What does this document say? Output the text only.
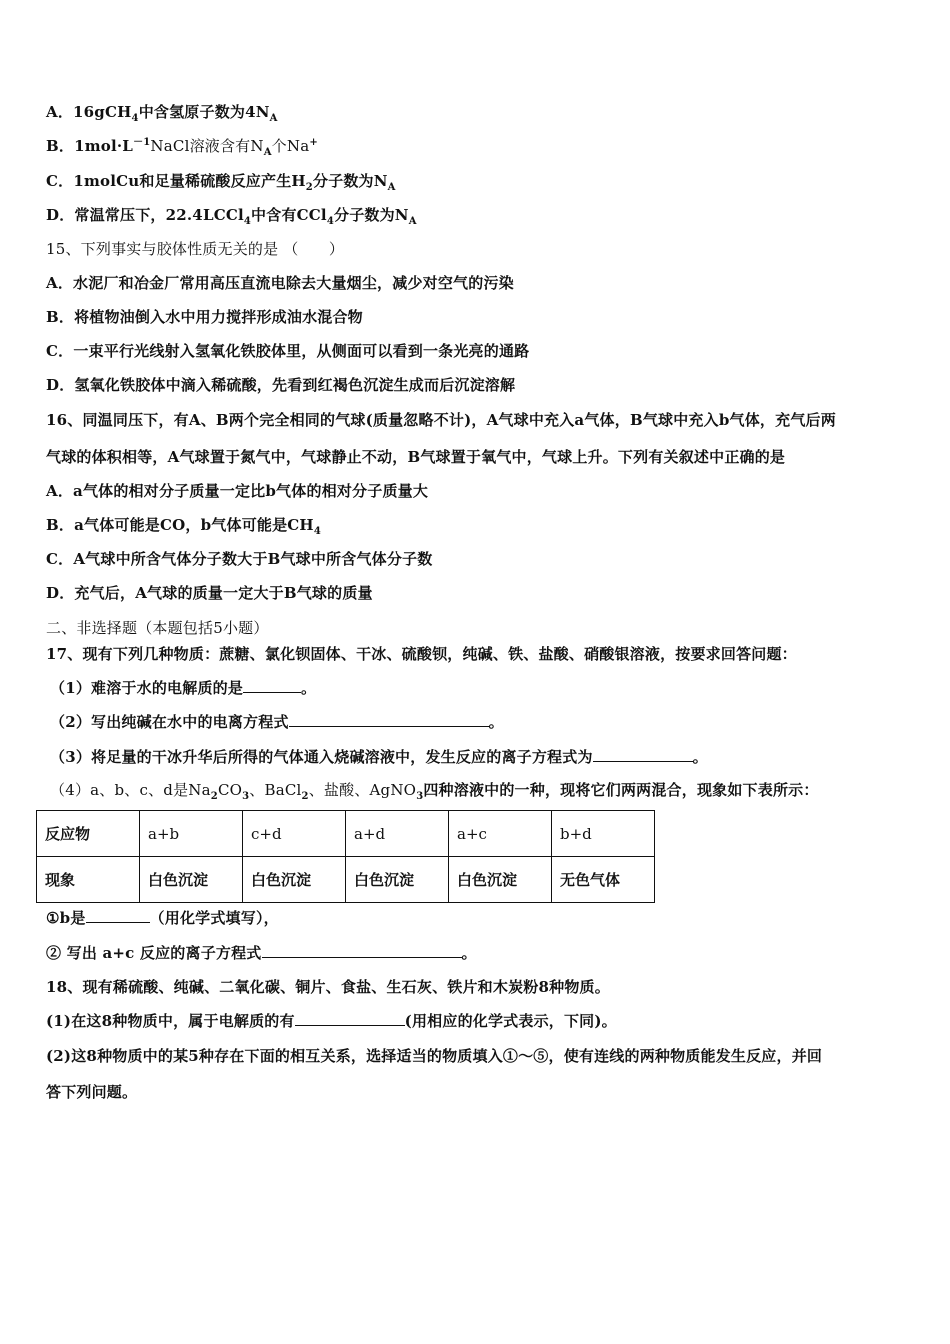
A．16gCH$_4$中含氢原子数为$4N_A$
B．$1mol\cdot L^{-1}NaCl$溶液含有$N_A$个Na+
C．1molCu和足量稀硫酸反应产生$H_2$分子数为$N_A$
D．常温常压下，22.4LCCl$_4$中含有CCl$_4$分子数为$N_A$
15、下列事实与胶体性质无关的是 （　　）
A．水泥厂和冶金厂常用高压直流电除去大量烟尘，减少对空气的污染
B．将植物油倒入水中用力搅拌形成油水混合物
C．一束平行光线射入氢氧化铁胶体里，从侧面可以看到一条光亮的通路
D．氢氧化铁胶体中滴入稀硫酸，先看到红褐色沉淀生成而后沉淀溶解
16、同温同压下，有A、B两个完全相同的气球(质量忽略不计)，A气球中充入a气体，B气球中充入b气体，充气后两
气球的体积相等，A气球置于氮气中，气球静止不动，B气球置于氧气中，气球上升。下列有关叙述中正确的是
A．a气体的相对分子质量一定比b气体的相对分子质量大
B．a气体可能是CO，b气体可能是$CH_4$
C．A气球中所含气体分子数大于B气球中所含气体分子数
D．充气后，A气球的质量一定大于B气球的质量
二、非选择题（本题包括5小题）
17、现有下列几种物质：蔗糖、氯化钡固体、干冰、硫酸钡，纯碱、铁、盐酸、硝酸银溶液，按要求回答问题：
（1）难溶于水的电解质的是	。
（2）写出纯碱在水中的电离方程式	。
（3）将足量的干冰升华后所得的气体通入烧碱溶液中，发生反应的离子方程式为	。
（4）a、b、c、d是$Na_2CO_3$、BaCl$_2$、盐酸、AgNO$_3$四种溶液中的一种，现将它们两两混合，现象如下表所示：
反应物	a+b	c+d	a+d	a+c	b+d
现象	白色沉淀	白色沉淀	白色沉淀	白色沉淀	无色气体
①b是	（用化学式填写），
② 写出 a+c 反应的离子方程式	。
18、现有稀硫酸、纯碱、二氧化碳、铜片、食盐、生石灰、铁片和木炭粉8种物质。
(1)在这8种物质中，属于电解质的有	(用相应的化学式表示，下同)。
(2)这8种物质中的某5种存在下面的相互关系，选择适当的物质填入①～⑤，使有连线的两种物质能发生反应，并回
答下列问题。
